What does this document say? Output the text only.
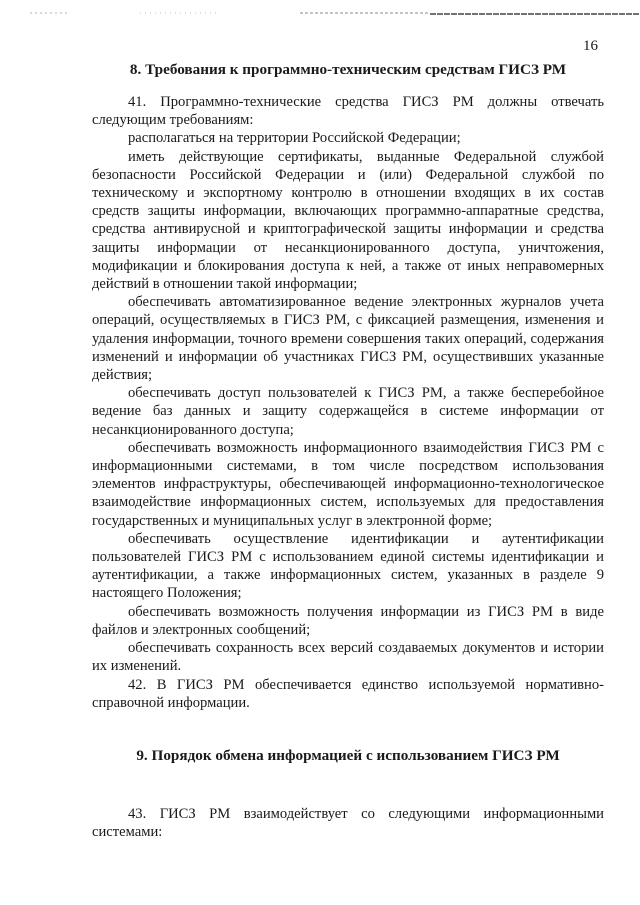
16
8. Требования к программно-техническим средствам ГИСЗ РМ

41. Программно-технические средства ГИСЗ РМ должны отвечать следующим требованиям:

располагаться на территории Российской Федерации;

иметь действующие сертификаты, выданные Федеральной службой безопасности Российской Федерации и (или) Федеральной службой по техническому и экспортному контролю в отношении входящих в их состав средств защиты информации, включающих программно-аппаратные средства, средства антивирусной и криптографической защиты информации и средства защиты информации от несанкционированного доступа, уничтожения, модификации и блокирования доступа к ней, а также от иных неправомерных действий в отношении такой информации;

обеспечивать автоматизированное ведение электронных журналов учета операций, осуществляемых в ГИСЗ РМ, с фиксацией размещения, изменения и удаления информации, точного времени совершения таких операций, содержания изменений и информации об участниках ГИСЗ РМ, осуществивших указанные действия;

обеспечивать доступ пользователей к ГИСЗ РМ, а также бесперебойное ведение баз данных и защиту содержащейся в системе информации от несанкционированного доступа;

обеспечивать возможность информационного взаимодействия ГИСЗ РМ с информационными системами, в том числе посредством использования элементов инфраструктуры, обеспечивающей информационно-технологическое взаимодействие информационных систем, используемых для предоставления государственных и муниципальных услуг в электронной форме;

обеспечивать осуществление идентификации и аутентификации пользователей ГИСЗ РМ с использованием единой системы идентификации и аутентификации, а также информационных систем, указанных в разделе 9 настоящего Положения;

обеспечивать возможность получения информации из ГИСЗ РМ в виде файлов и электронных сообщений;

обеспечивать сохранность всех версий создаваемых документов и истории их изменений.

42. В ГИСЗ РМ обеспечивается единство используемой нормативно-справочной информации.

9. Порядок обмена информацией с использованием ГИСЗ РМ

43. ГИСЗ РМ взаимодействует со следующими информационными системами:
